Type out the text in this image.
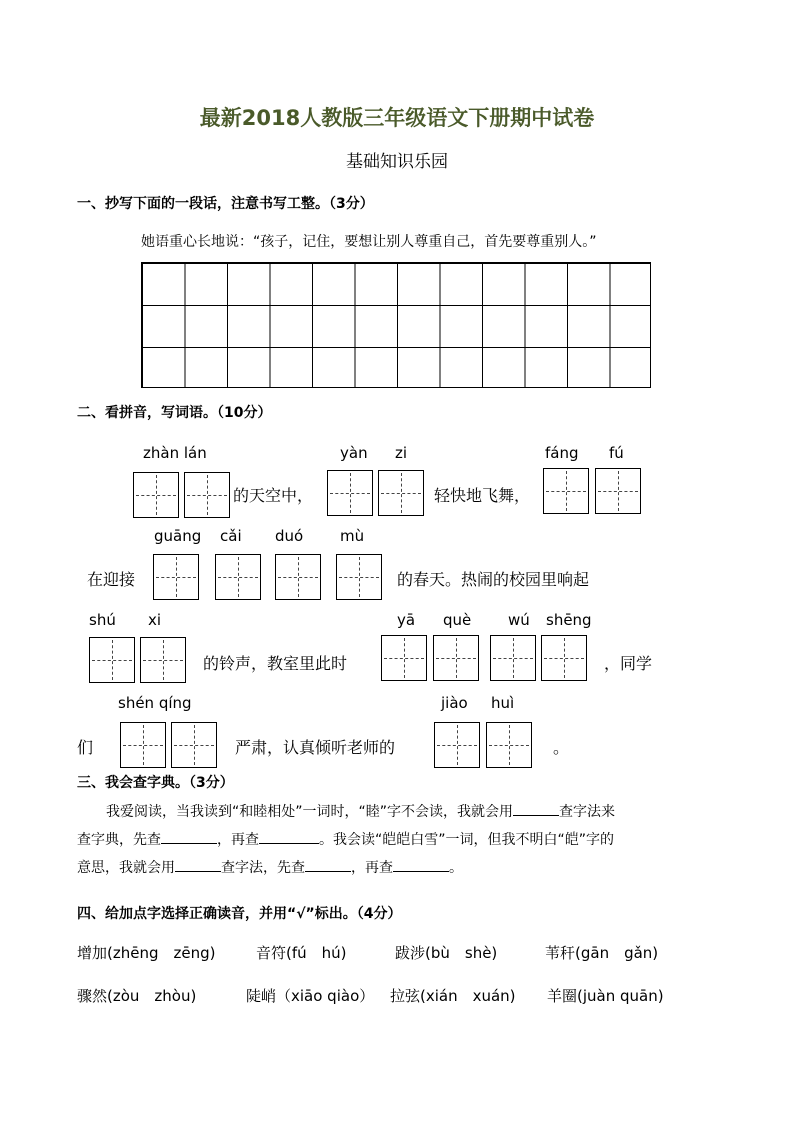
最新2018人教版三年级语文下册期中试卷
基础知识乐园
一、抄写下面的一段话，注意书写工整。（3分）
她语重心长地说：“孩子，记住，要想让别人尊重自己，首先要尊重别人。”
二、看拼音，写词语。（10分）
zhàn lán	yàn zi	fáng fú
的天空中，	轻快地飞舞，
guāng cǎi duó mù
在迎接	的春天。热闹的校园里响起
shú xi	yā què wú shēng
的铃声，教室里此时	，同学
shén qíng	jiào huì
们	严肃，认真倾听老师的	。
三、我会查字典。（3分）
我爱阅读，当我读到“和睦相处”一词时，“睦”字不会读，我就会用	查字法来
查字典，先查	，再查	。我会读“皑皑白雪”一词，但我不明白“皑”字的
意思，我就会用	查字法，先查	，再查	。
四、给加点字选择正确读音，并用“√”标出。（4分）
增加(zhēng　zēng)	音符(fú　hú)	跋涉(bù　shè)	苇秆(gān　gǎn)
骤然(zòu　zhòu)	陡峭（xiāo qiào） 拉弦(xián　xuán) 羊圈(juàn quān)
